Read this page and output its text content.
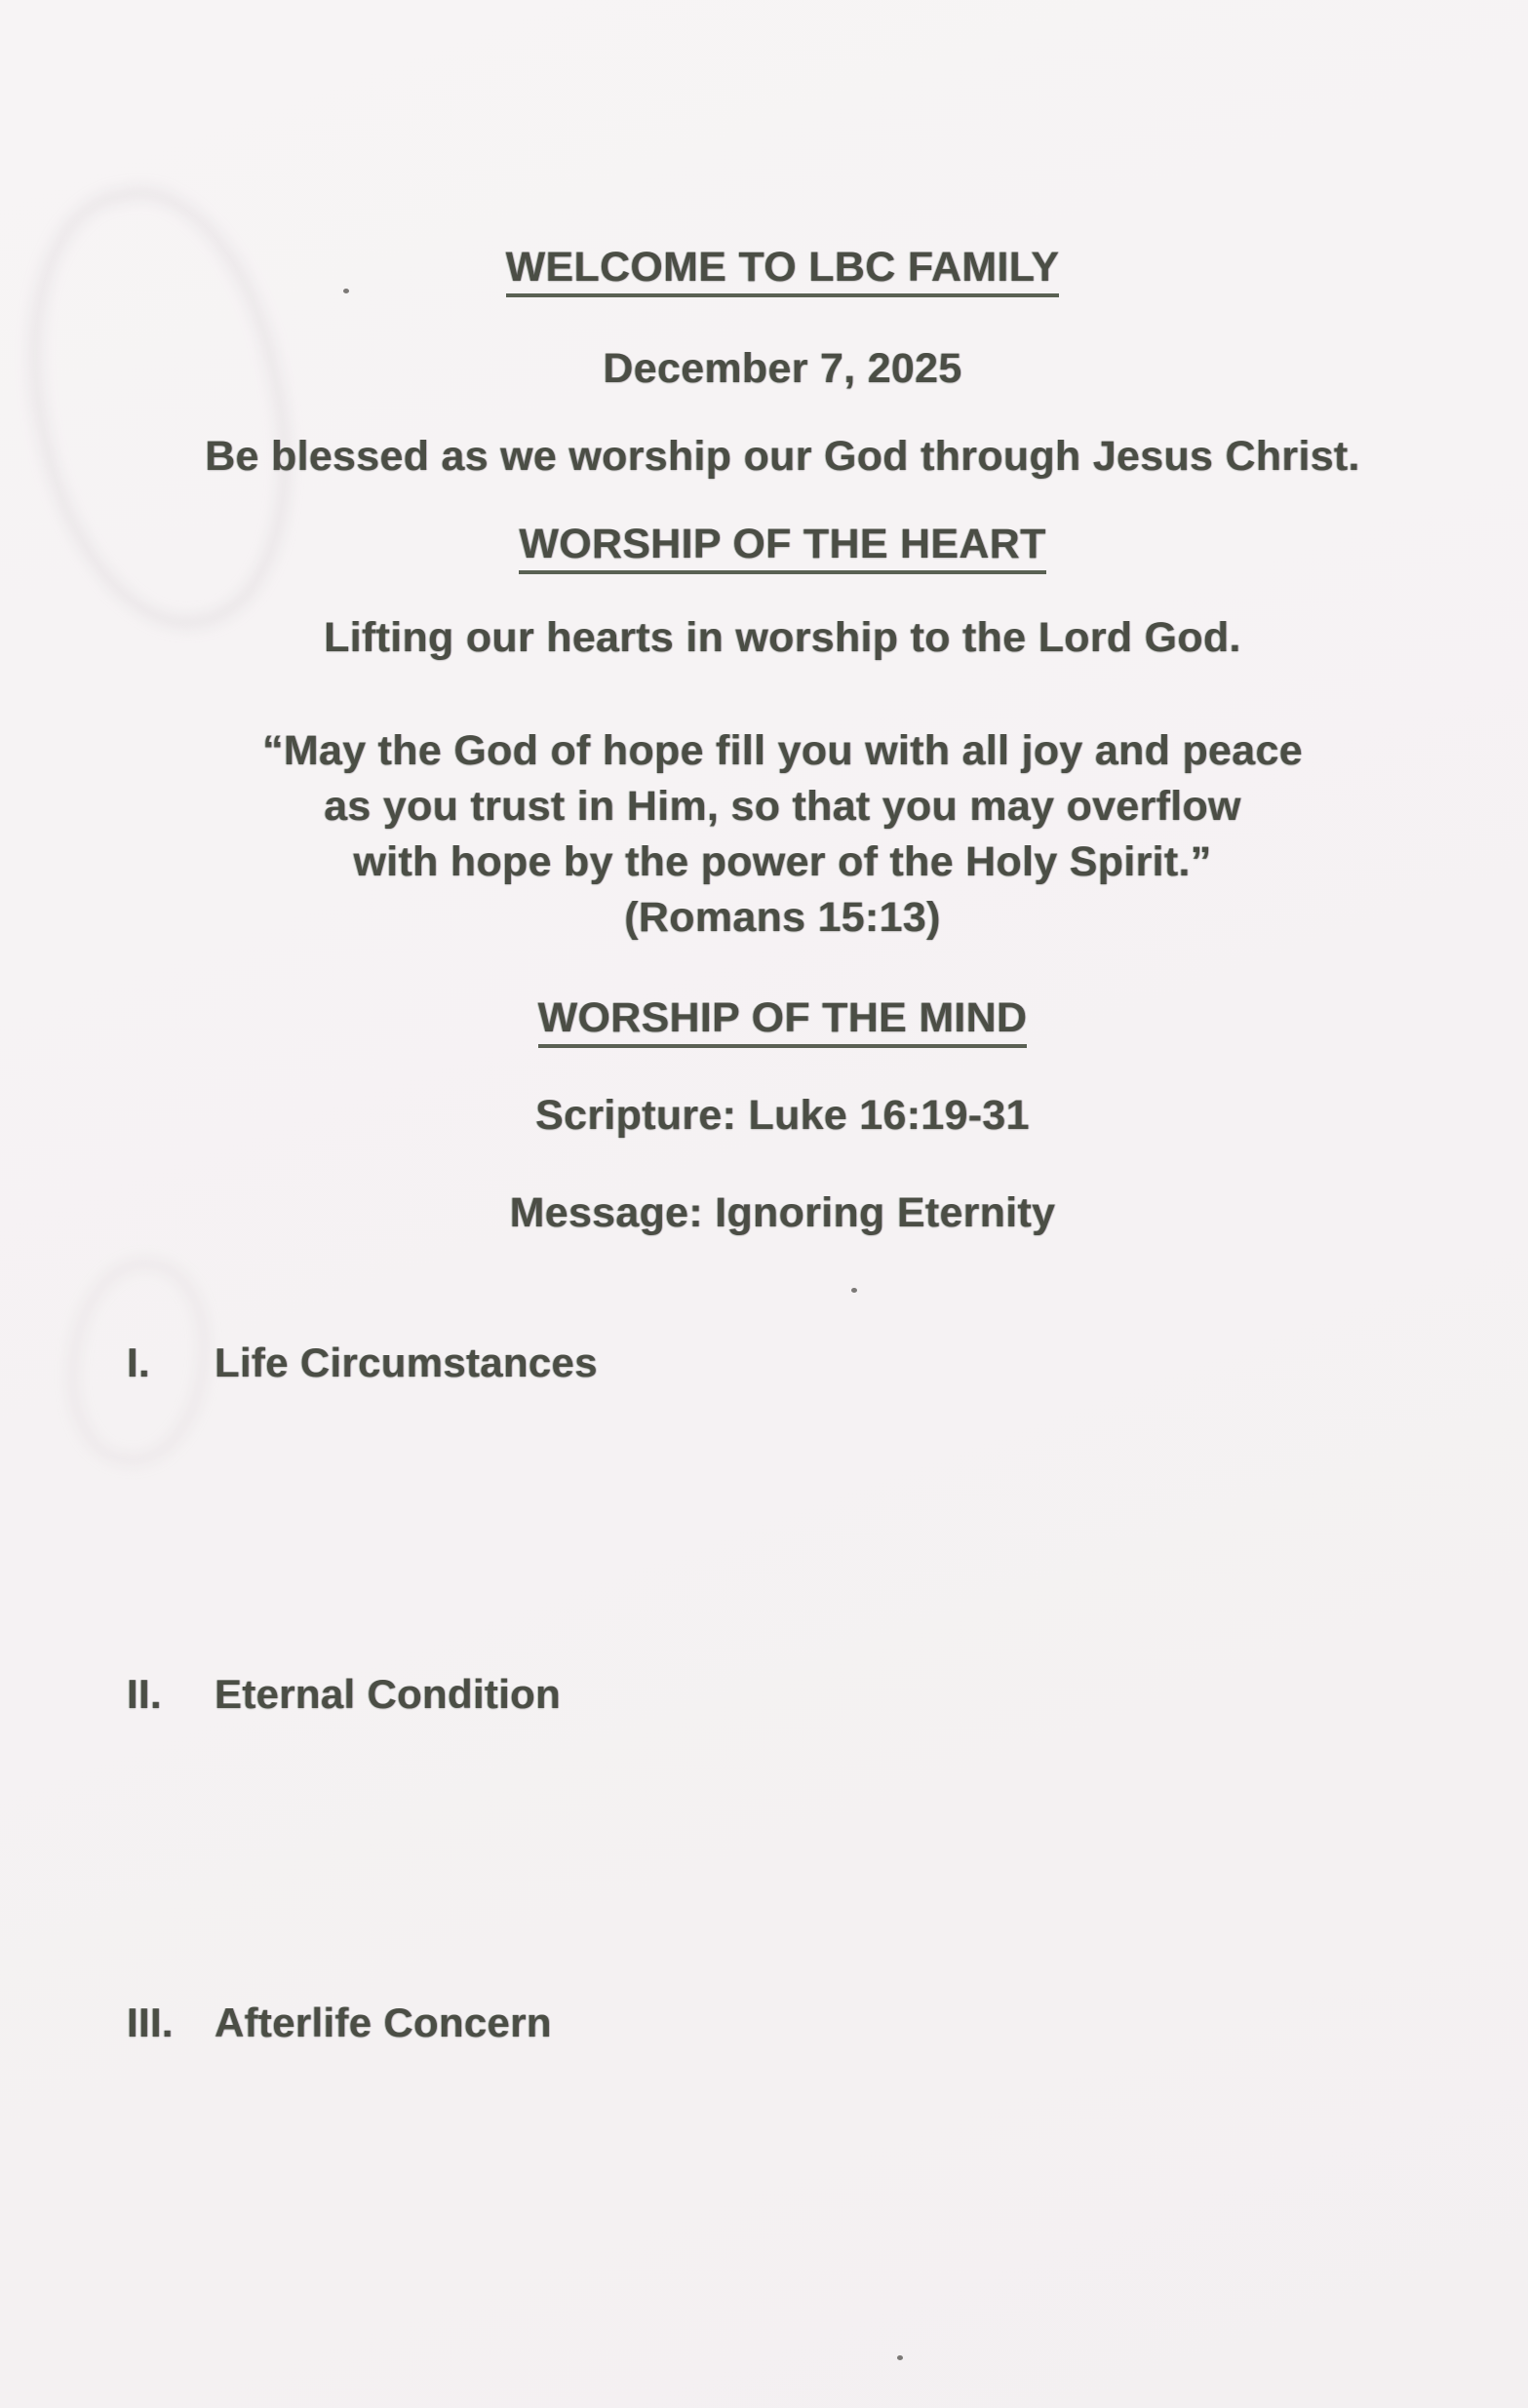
WELCOME TO LBC FAMILY
December 7, 2025
Be blessed as we worship our God through Jesus Christ.
WORSHIP OF THE HEART
Lifting our hearts in worship to the Lord God.
“May the God of hope fill you with all joy and peace
as you trust in Him, so that you may overflow
with hope by the power of the Holy Spirit.”
(Romans 15:13)
WORSHIP OF THE MIND
Scripture: Luke 16:19-31
Message: Ignoring Eternity
I. Life Circumstances
II. Eternal Condition
III. Afterlife Concern
